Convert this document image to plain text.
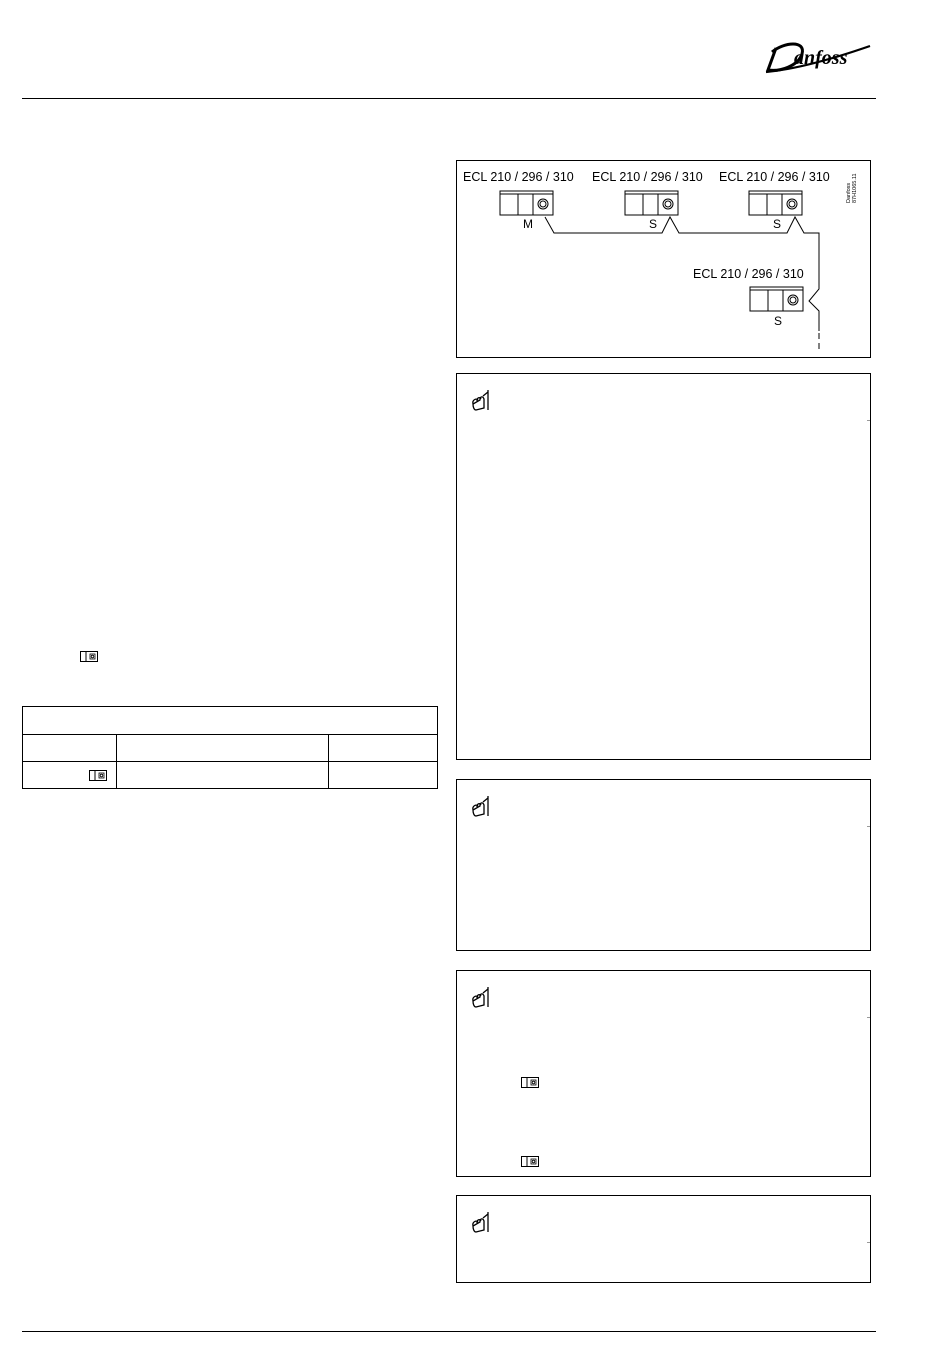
anfoss
ECL 210 / 296 / 310 ECL 210 / 296 / 310 ECL 210 / 296 / 310
ECL 210 / 296 / 310
M	S	S
S
Danfoss 87H1065.11
